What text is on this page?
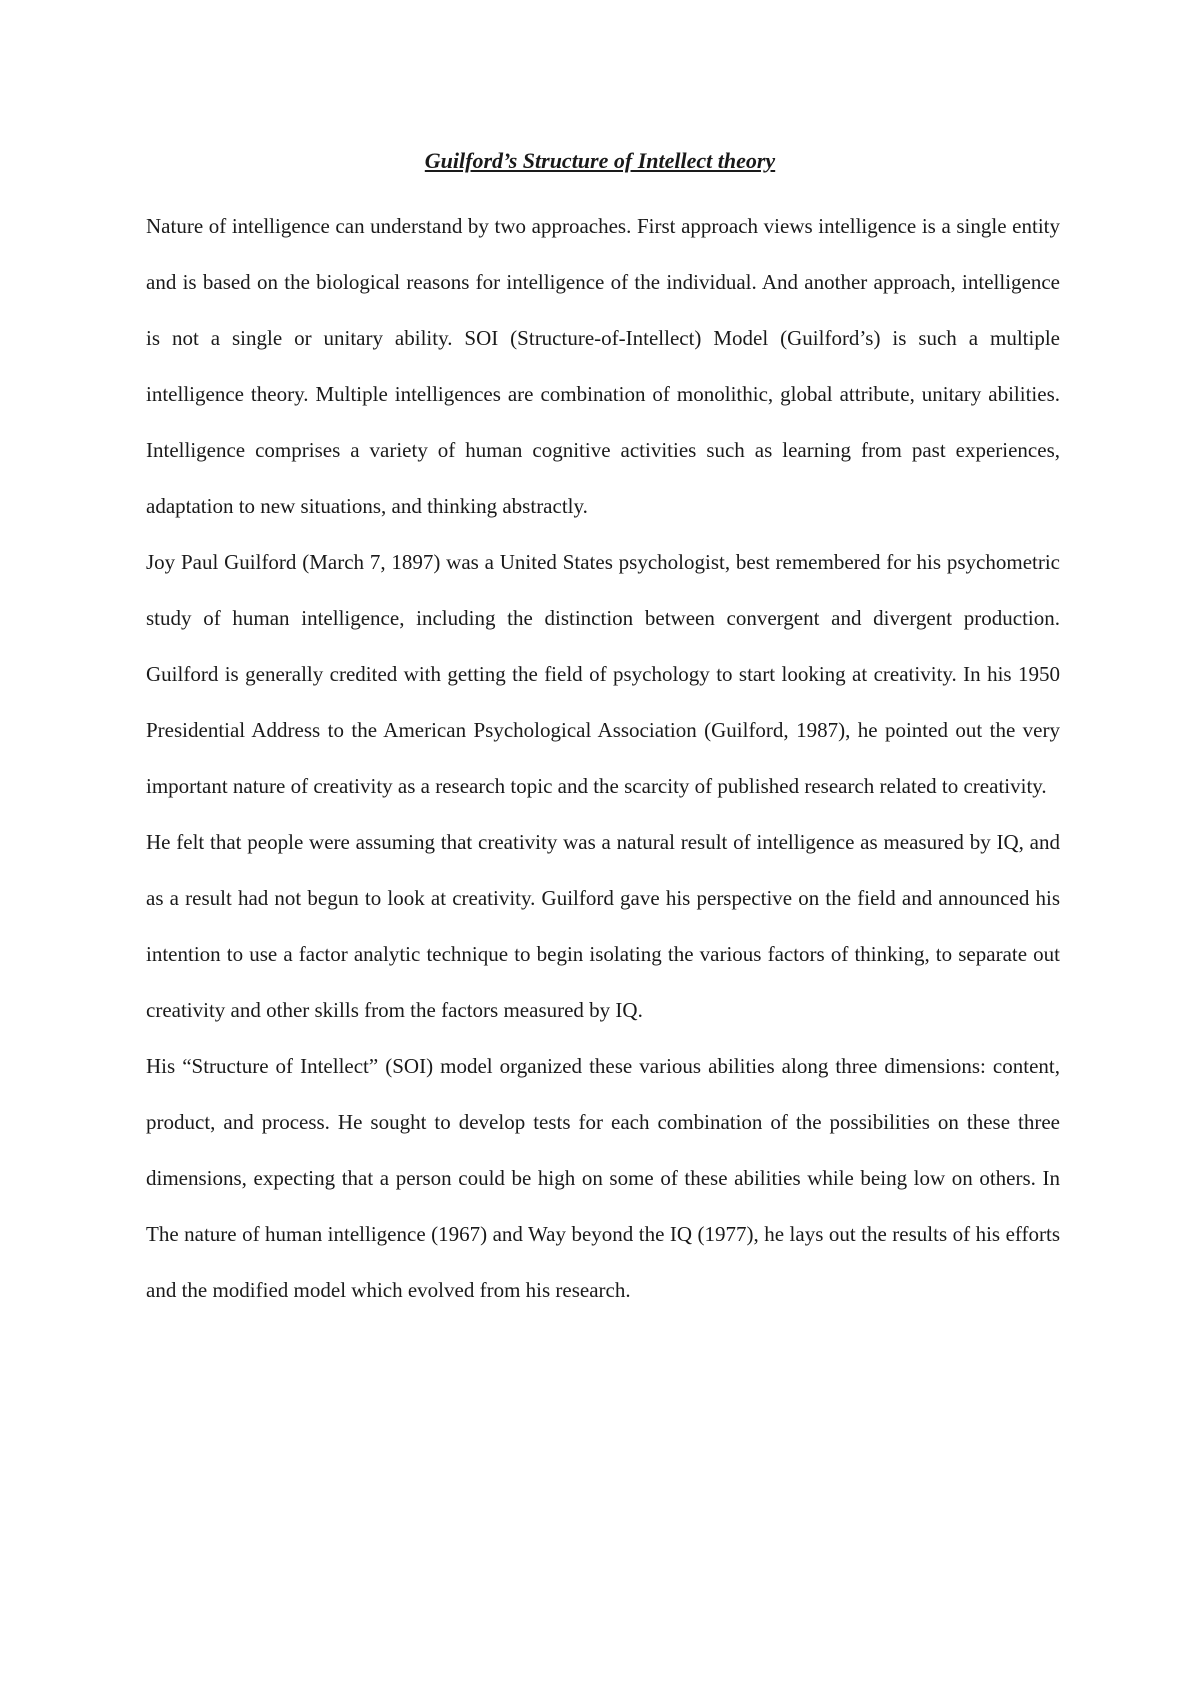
Guilford’s Structure of Intellect theory

Nature of intelligence can understand by two approaches. First approach views intelligence is a single entity and is based on the biological reasons for intelligence of the individual. And another approach, intelligence is not a single or unitary ability. SOI (Structure-of-Intellect) Model (Guilford’s) is such a multiple intelligence theory. Multiple intelligences are combination of monolithic, global attribute, unitary abilities. Intelligence comprises a variety of human cognitive activities such as learning from past experiences, adaptation to new situations, and thinking abstractly.

Joy Paul Guilford (March 7, 1897) was a United States psychologist, best remembered for his psychometric study of human intelligence, including the distinction between convergent and divergent production. Guilford is generally credited with getting the field of psychology to start looking at creativity. In his 1950 Presidential Address to the American Psychological Association (Guilford, 1987), he pointed out the very important nature of creativity as a research topic and the scarcity of published research related to creativity.

He felt that people were assuming that creativity was a natural result of intelligence as measured by IQ, and as a result had not begun to look at creativity. Guilford gave his perspective on the field and announced his intention to use a factor analytic technique to begin isolating the various factors of thinking, to separate out creativity and other skills from the factors measured by IQ.

His “Structure of Intellect” (SOI) model organized these various abilities along three dimensions: content, product, and process. He sought to develop tests for each combination of the possibilities on these three dimensions, expecting that a person could be high on some of these abilities while being low on others. In The nature of human intelligence (1967) and Way beyond the IQ (1977), he lays out the results of his efforts and the modified model which evolved from his research.
